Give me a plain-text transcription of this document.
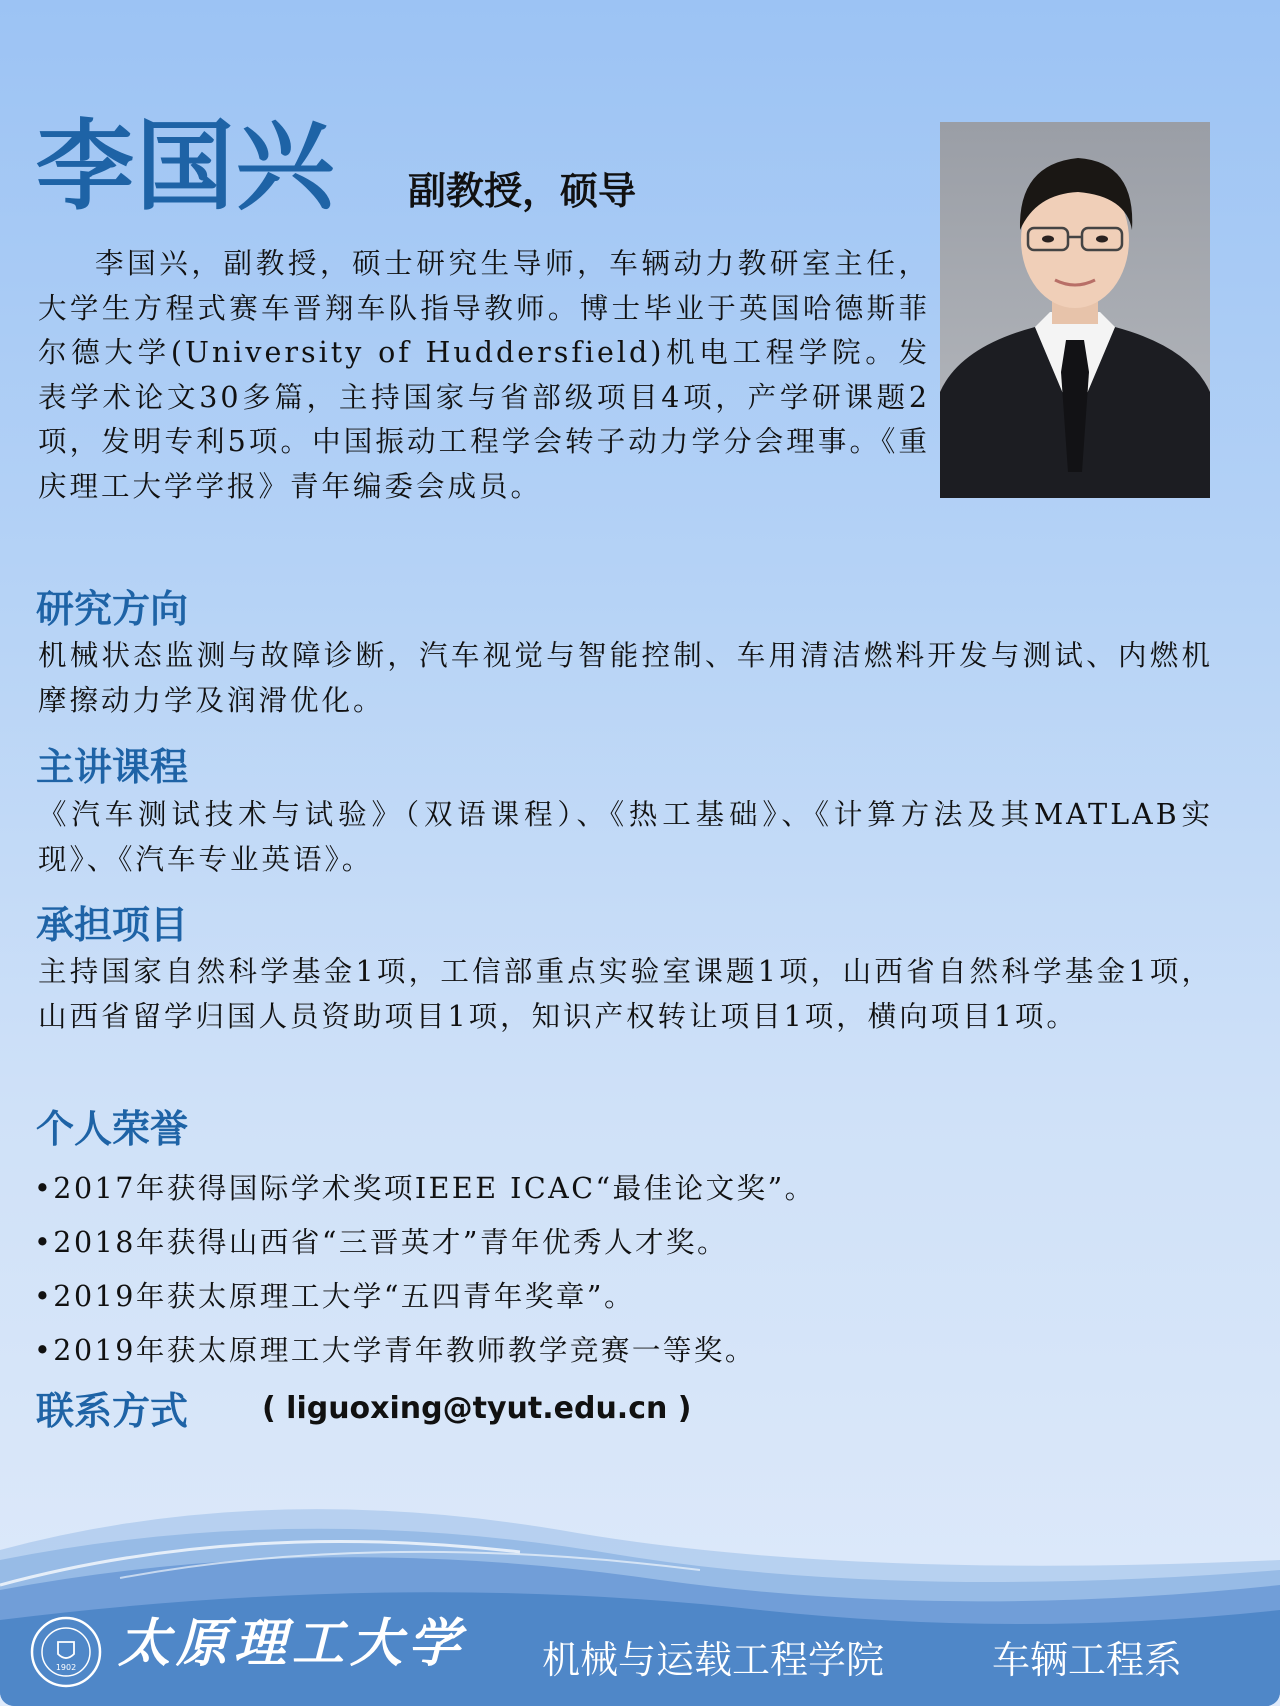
李国兴 副教授，硕导
李国兴，副教授，硕士研究生导师，车辆动力教研室主任，大学生方程式赛车晋翔车队指导教师。博士毕业于英国哈德斯菲尔德大学(University of Huddersfield)机电工程学院。发表学术论文30多篇，主持国家与省部级项目4项，产学研课题2项，发明专利5项。中国振动工程学会转子动力学分会理事。《重庆理工大学学报》青年编委会成员。
研究方向
机械状态监测与故障诊断，汽车视觉与智能控制、车用清洁燃料开发与测试、内燃机摩擦动力学及润滑优化。
主讲课程
《汽车测试技术与试验》（双语课程）、《热工基础》、《计算方法及其MATLAB实现》、《汽车专业英语》。
承担项目
主持国家自然科学基金1项，工信部重点实验室课题1项，山西省自然科学基金1项，山西省留学归国人员资助项目1项，知识产权转让项目1项，横向项目1项。
个人荣誉
•2017年获得国际学术奖项IEEE ICAC“最佳论文奖”。
•2018年获得山西省“三晋英才”青年优秀人才奖。
•2019年获太原理工大学“五四青年奖章”。
•2019年获太原理工大学青年教师教学竞赛一等奖。
联系方式 ( liguoxing@tyut.edu.cn )
1902 太原理工大学 机械与运载工程学院	车辆工程系
